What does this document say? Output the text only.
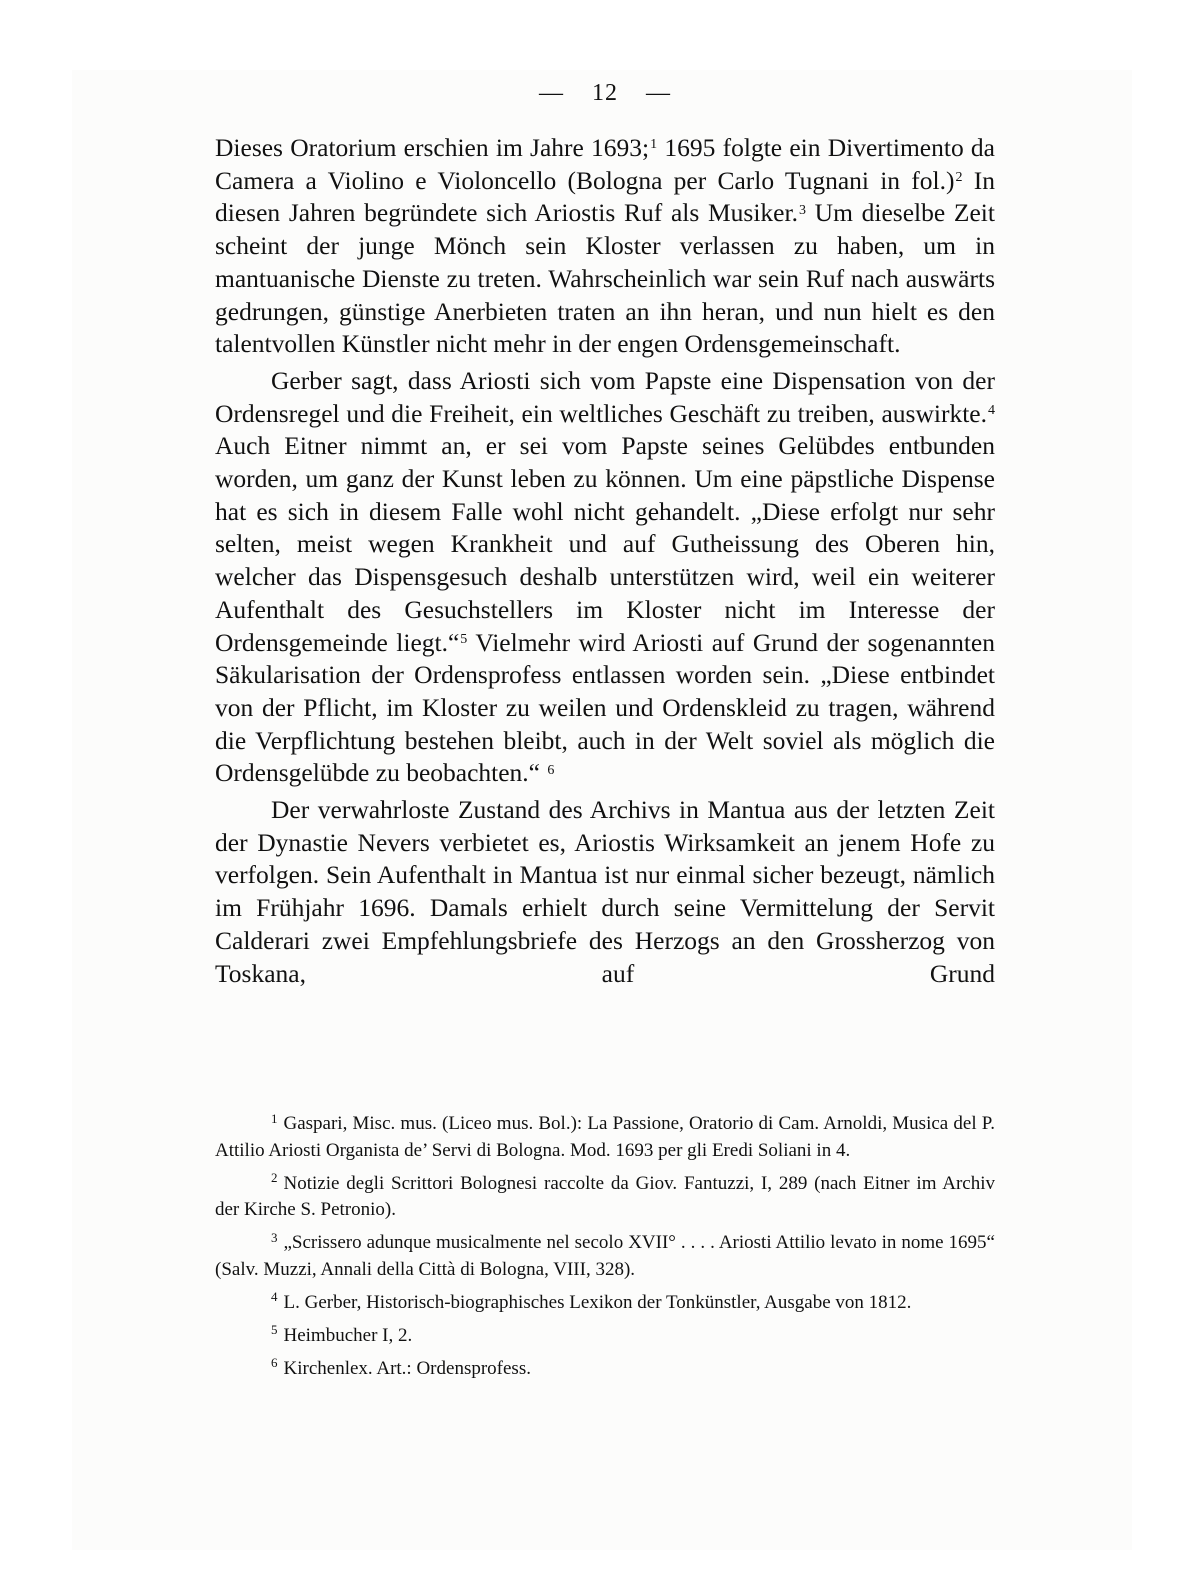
— 12 —

Dieses Oratorium erschien im Jahre 1693;$^1$ 1695 folgte ein Divertimento da Camera a Violino e Violoncello (Bologna per Carlo Tugnani in fol.)$^2$ In diesen Jahren begründete sich Ariostis Ruf als Musiker.$^3$ Um dieselbe Zeit scheint der junge Mönch sein Kloster verlassen zu haben, um in mantuanische Dienste zu treten. Wahrscheinlich war sein Ruf nach auswärts gedrungen, günstige Anerbieten traten an ihn heran, und nun hielt es den talentvollen Künstler nicht mehr in der engen Ordensgemeinschaft.

Gerber sagt, dass Ariosti sich vom Papste eine Dispensation von der Ordensregel und die Freiheit, ein weltliches Geschäft zu treiben, auswirkte.$^4$ Auch Eitner nimmt an, er sei vom Papste seines Gelübdes entbunden worden, um ganz der Kunst leben zu können. Um eine päpstliche Dispense hat es sich in diesem Falle wohl nicht gehandelt. „Diese erfolgt nur sehr selten, meist wegen Krankheit und auf Gutheissung des Oberen hin, welcher das Dispensgesuch deshalb unterstützen wird, weil ein weiterer Aufenthalt des Gesuchstellers im Kloster nicht im Interesse der Ordensgemeinde liegt.“$^5$ Vielmehr wird Ariosti auf Grund der sogenannten Säkularisation der Ordensprofess entlassen worden sein. „Diese entbindet von der Pflicht, im Kloster zu weilen und Ordenskleid zu tragen, während die Verpflichtung bestehen bleibt, auch in der Welt soviel als möglich die Ordensgelübde zu beobachten.“ $^6$

Der verwahrloste Zustand des Archivs in Mantua aus der letzten Zeit der Dynastie Nevers verbietet es, Ariostis Wirksamkeit an jenem Hofe zu verfolgen. Sein Aufenthalt in Mantua ist nur einmal sicher bezeugt, nämlich im Frühjahr 1696. Damals erhielt durch seine Vermittelung der Servit Calderari zwei Empfehlungsbriefe des Herzogs an den Grossherzog von Toskana, auf Grund

$^1$ Gaspari, Misc. mus. (Liceo mus. Bol.): La Passione, Oratorio di Cam. Arnoldi, Musica del P. Attilio Ariosti Organista de’ Servi di Bologna. Mod. 1693 per gli Eredi Soliani in 4.

$^2$ Notizie degli Scrittori Bolognesi raccolte da Giov. Fantuzzi, I, 289 (nach Eitner im Archiv der Kirche S. Petronio).

$^3$ „Scrissero adunque musicalmente nel secolo XVII° . . . . Ariosti Attilio levato in nome 1695“ (Salv. Muzzi, Annali della Città di Bologna, VIII, 328).

$^4$ L. Gerber, Historisch-biographisches Lexikon der Tonkünstler, Ausgabe von 1812.

$^5$ Heimbucher I, 2.

$^6$ Kirchenlex. Art.: Ordensprofess.
